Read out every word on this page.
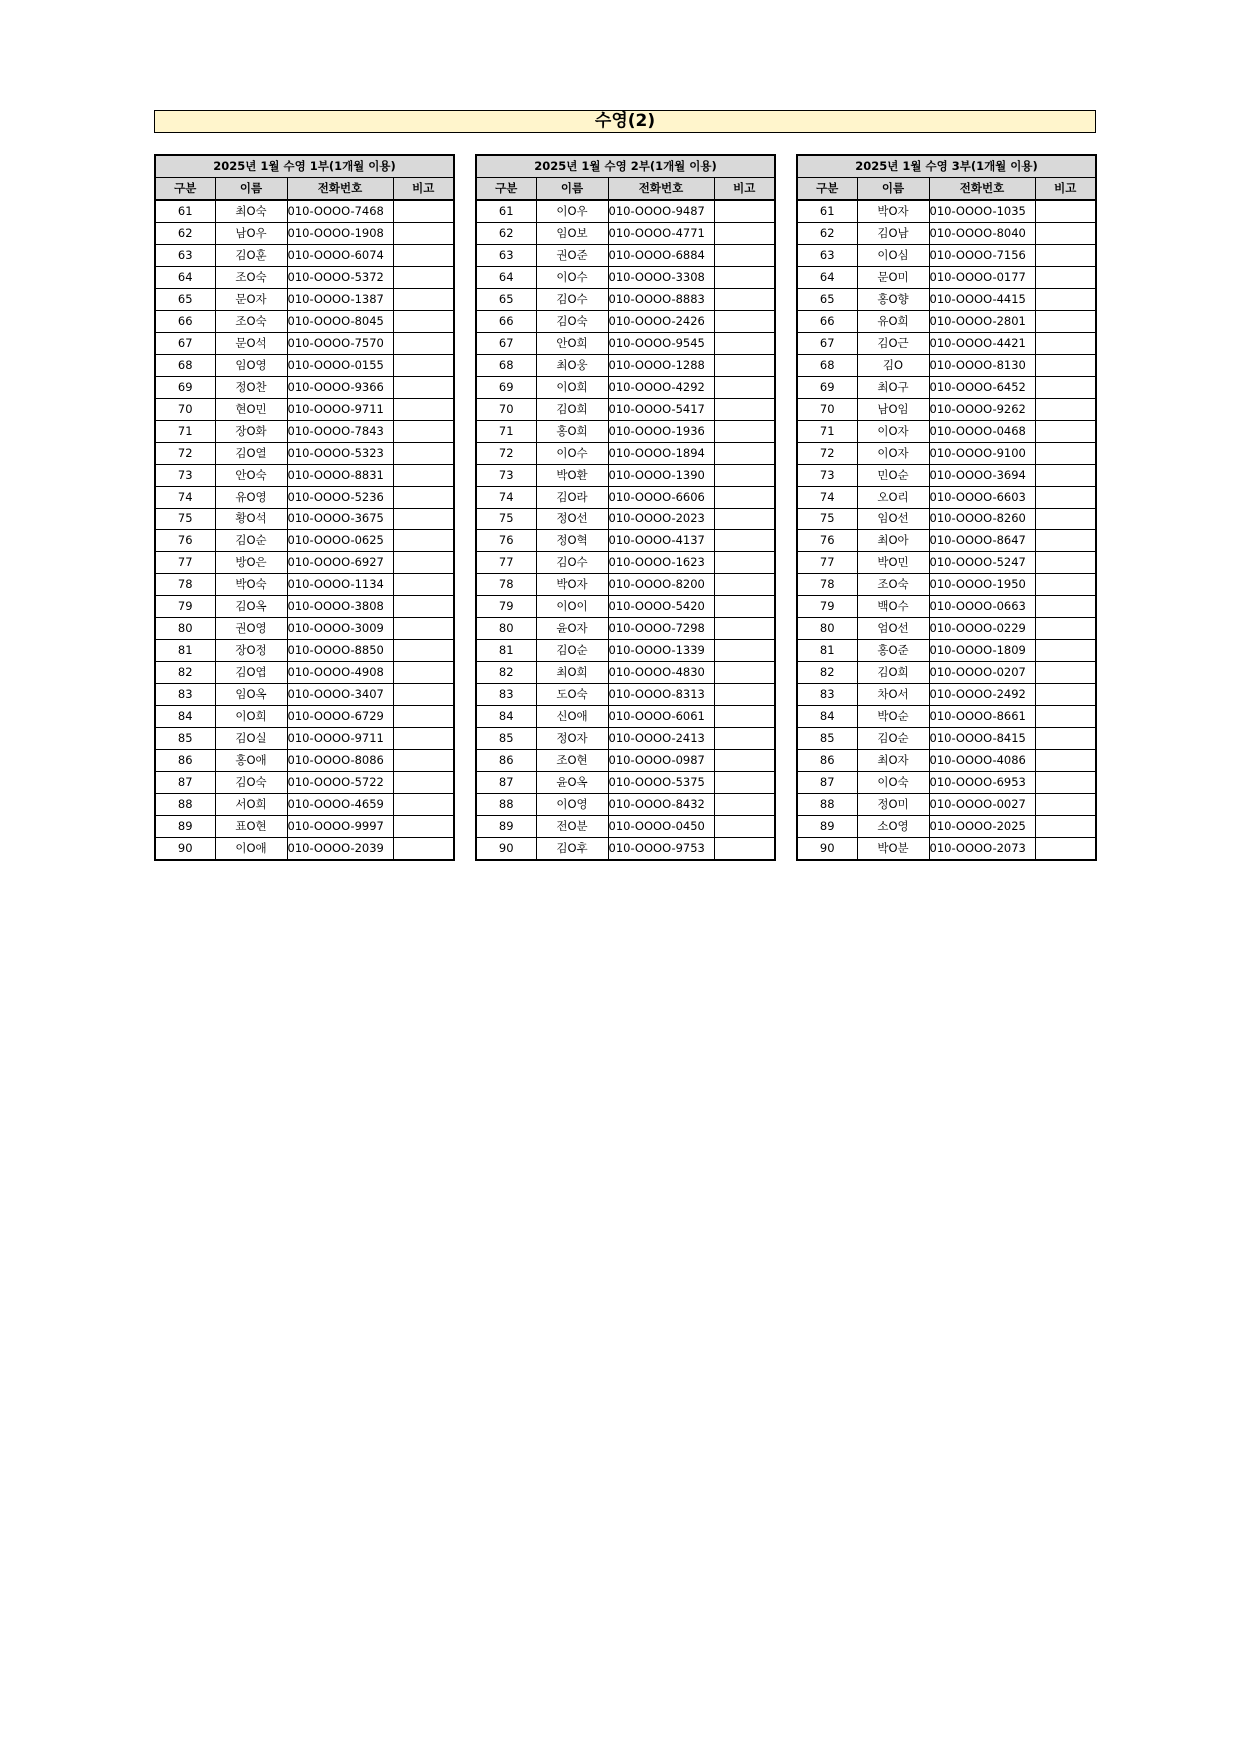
수영(2)
2025년 1월 수영 1부(1개월 이용)			
구분	이름	전화번호	비고
61	최O숙	010-OOOO-7468	
62	남O우	010-OOOO-1908	
63	김O훈	010-OOOO-6074	
64	조O숙	010-OOOO-5372	
65	문O자	010-OOOO-1387	
66	조O숙	010-OOOO-8045	
67	문O석	010-OOOO-7570	
68	임O영	010-OOOO-0155	
69	정O찬	010-OOOO-9366	
70	현O민	010-OOOO-9711	
71	장O화	010-OOOO-7843	
72	김O열	010-OOOO-5323	
73	안O숙	010-OOOO-8831	
74	유O영	010-OOOO-5236	
75	황O석	010-OOOO-3675	
76	김O순	010-OOOO-0625	
77	방O은	010-OOOO-6927	
78	박O숙	010-OOOO-1134	
79	김O옥	010-OOOO-3808	
80	권O영	010-OOOO-3009	
81	장O정	010-OOOO-8850	
82	김O엽	010-OOOO-4908	
83	임O옥	010-OOOO-3407	
84	이O희	010-OOOO-6729	
85	김O실	010-OOOO-9711	
86	홍O애	010-OOOO-8086	
87	김O숙	010-OOOO-5722	
88	서O희	010-OOOO-4659	
89	표O현	010-OOOO-9997	
90	이O애	010-OOOO-2039	
2025년 1월 수영 2부(1개월 이용)			
구분	이름	전화번호	비고
61	이O우	010-OOOO-9487	
62	임O보	010-OOOO-4771	
63	권O준	010-OOOO-6884	
64	이O수	010-OOOO-3308	
65	김O수	010-OOOO-8883	
66	김O숙	010-OOOO-2426	
67	안O희	010-OOOO-9545	
68	최O웅	010-OOOO-1288	
69	이O희	010-OOOO-4292	
70	김O희	010-OOOO-5417	
71	홍O희	010-OOOO-1936	
72	이O수	010-OOOO-1894	
73	박O환	010-OOOO-1390	
74	김O라	010-OOOO-6606	
75	정O선	010-OOOO-2023	
76	정O혁	010-OOOO-4137	
77	김O수	010-OOOO-1623	
78	박O자	010-OOOO-8200	
79	이O이	010-OOOO-5420	
80	윤O자	010-OOOO-7298	
81	김O순	010-OOOO-1339	
82	최O희	010-OOOO-4830	
83	도O숙	010-OOOO-8313	
84	신O애	010-OOOO-6061	
85	정O자	010-OOOO-2413	
86	조O현	010-OOOO-0987	
87	윤O옥	010-OOOO-5375	
88	이O영	010-OOOO-8432	
89	전O분	010-OOOO-0450	
90	김O후	010-OOOO-9753	
2025년 1월 수영 3부(1개월 이용)			
구분	이름	전화번호	비고
61	박O자	010-OOOO-1035	
62	김O남	010-OOOO-8040	
63	이O심	010-OOOO-7156	
64	문O미	010-OOOO-0177	
65	홍O향	010-OOOO-4415	
66	유O희	010-OOOO-2801	
67	김O근	010-OOOO-4421	
68	김O	010-OOOO-8130	
69	최O구	010-OOOO-6452	
70	남O임	010-OOOO-9262	
71	이O자	010-OOOO-0468	
72	이O자	010-OOOO-9100	
73	민O순	010-OOOO-3694	
74	오O리	010-OOOO-6603	
75	임O선	010-OOOO-8260	
76	최O아	010-OOOO-8647	
77	박O민	010-OOOO-5247	
78	조O숙	010-OOOO-1950	
79	백O수	010-OOOO-0663	
80	엄O선	010-OOOO-0229	
81	홍O준	010-OOOO-1809	
82	김O희	010-OOOO-0207	
83	차O서	010-OOOO-2492	
84	박O순	010-OOOO-8661	
85	김O순	010-OOOO-8415	
86	최O자	010-OOOO-4086	
87	이O숙	010-OOOO-6953	
88	정O미	010-OOOO-0027	
89	소O영	010-OOOO-2025	
90	박O분	010-OOOO-2073	
